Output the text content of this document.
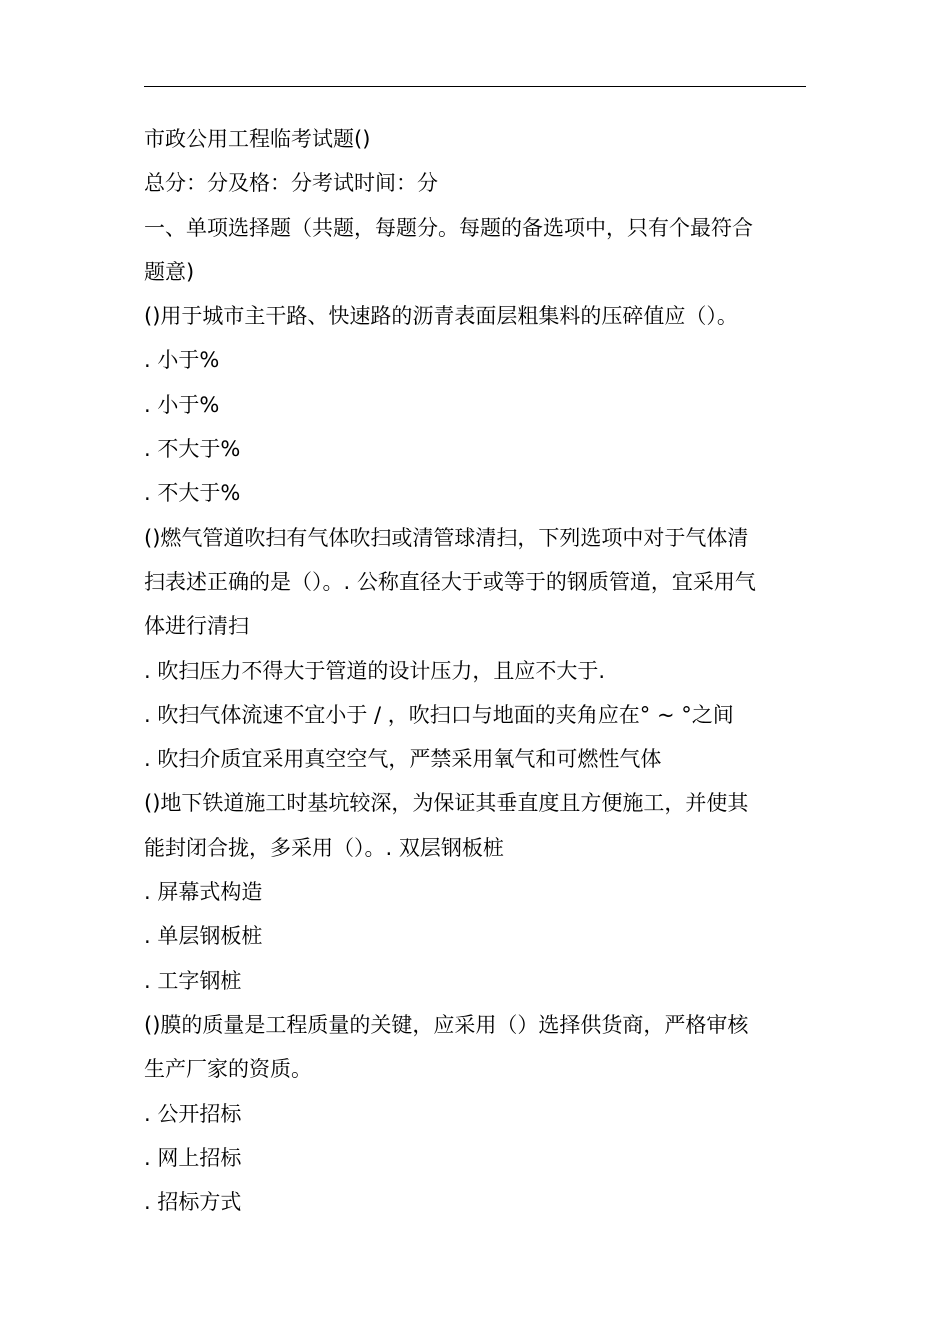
市政公用工程临考试题()
总分：分及格：分考试时间：分
一、单项选择题（共题，每题分。每题的备选项中，只有个最符合
题意)
()用于城市主干路、快速路的沥青表面层粗集料的压碎值应（）。
. 小于%
. 小于%
. 不大于%
. 不大于%
()燃气管道吹扫有气体吹扫或清管球清扫，下列选项中对于气体清
扫表述正确的是（）。. 公称直径大于或等于的钢质管道，宜采用气
体进行清扫
. 吹扫压力不得大于管道的设计压力，且应不大于.
. 吹扫气体流速不宜小于 / ，吹扫口与地面的夹角应在° ~ °之间
. 吹扫介质宜采用真空空气，严禁采用氧气和可燃性气体
()地下铁道施工时基坑较深，为保证其垂直度且方便施工，并使其
能封闭合拢，多采用（）。. 双层钢板桩
. 屏幕式构造
. 单层钢板桩
. 工字钢桩
()膜的质量是工程质量的关键，应采用（）选择供货商，严格审核
生产厂家的资质。
. 公开招标
. 网上招标
. 招标方式
